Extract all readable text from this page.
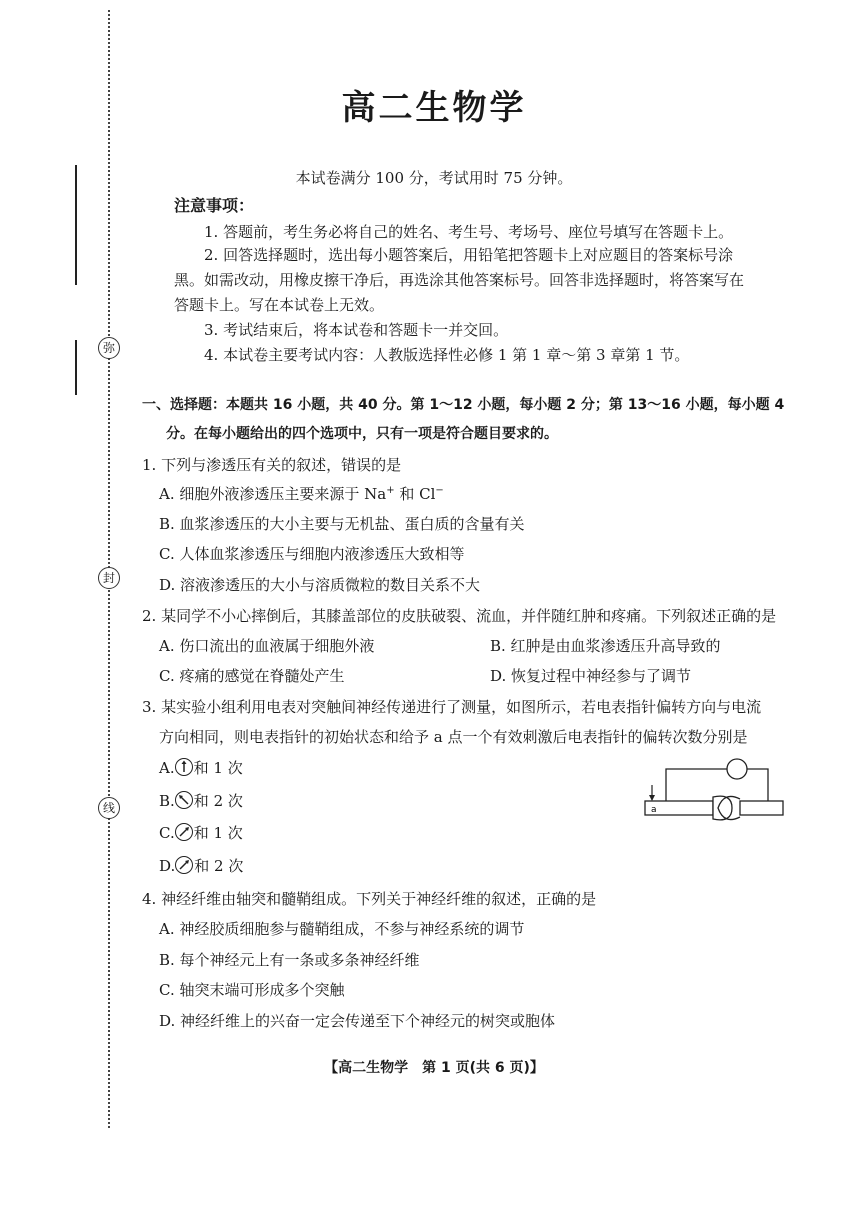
弥
封
线
高二生物学
本试卷满分 100 分，考试用时 75 分钟。
注意事项：
1. 答题前，考生务必将自己的姓名、考生号、考场号、座位号填写在答题卡上。
2. 回答选择题时，选出每小题答案后，用铅笔把答题卡上对应题目的答案标号涂
黑。如需改动，用橡皮擦干净后，再选涂其他答案标号。回答非选择题时，将答案写在
答题卡上。写在本试卷上无效。
3. 考试结束后，将本试卷和答题卡一并交回。
4. 本试卷主要考试内容：人教版选择性必修 1 第 1 章～第 3 章第 1 节。
一、选择题：本题共 16 小题，共 40 分。第 1～12 小题，每小题 2 分；第 13～16 小题，每小题 4
分。在每小题给出的四个选项中，只有一项是符合题目要求的。
1. 下列与渗透压有关的叙述，错误的是
A. 细胞外液渗透压主要来源于 Na+ 和 Cl−
B. 血浆渗透压的大小主要与无机盐、蛋白质的含量有关
C. 人体血浆渗透压与细胞内液渗透压大致相等
D. 溶液渗透压的大小与溶质微粒的数目关系不大
2. 某同学不小心摔倒后，其膝盖部位的皮肤破裂、流血，并伴随红肿和疼痛。下列叙述正确的是
A. 伤口流出的血液属于细胞外液	B. 红肿是由血浆渗透压升高导致的
C. 疼痛的感觉在脊髓处产生	D. 恢复过程中神经参与了调节
3. 某实验小组利用电表对突触间神经传递进行了测量，如图所示，若电表指针偏转方向与电流
方向相同，则电表指针的初始状态和给予 a 点一个有效刺激后电表指针的偏转次数分别是
A. 和 1 次
B. 和 2 次
C. 和 1 次
D. 和 2 次
a
4. 神经纤维由轴突和髓鞘组成。下列关于神经纤维的叙述，正确的是
A. 神经胶质细胞参与髓鞘组成，不参与神经系统的调节
B. 每个神经元上有一条或多条神经纤维
C. 轴突末端可形成多个突触
D. 神经纤维上的兴奋一定会传递至下个神经元的树突或胞体
【高二生物学　第 1 页(共 6 页)】
